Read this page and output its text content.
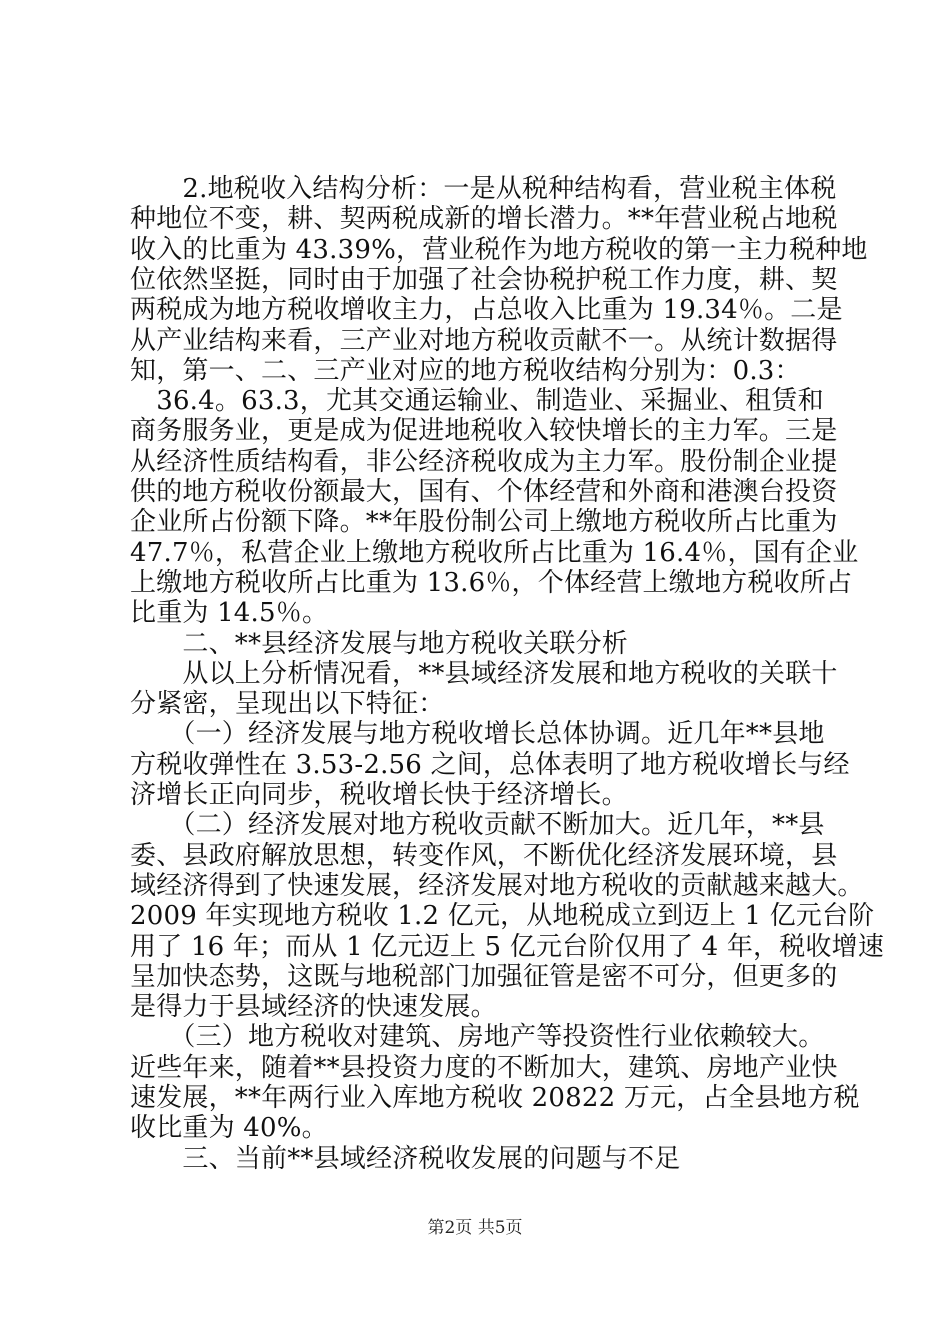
　　2.地税收入结构分析：一是从税种结构看，营业税主体税
种地位不变，耕、契两税成新的增长潜力。**年营业税占地税
收入的比重为 43.39%，营业税作为地方税收的第一主力税种地
位依然坚挺，同时由于加强了社会协税护税工作力度，耕、契
两税成为地方税收增收主力，占总收入比重为 19.34％。二是
从产业结构来看，三产业对地方税收贡献不一。从统计数据得
知，第一、二、三产业对应的地方税收结构分别为：0.3：
　36.4。63.3，尤其交通运输业、制造业、采掘业、租赁和
商务服务业，更是成为促进地税收入较快增长的主力军。三是
从经济性质结构看，非公经济税收成为主力军。股份制企业提
供的地方税收份额最大，国有、个体经营和外商和港澳台投资
企业所占份额下降。**年股份制公司上缴地方税收所占比重为
47.7％，私营企业上缴地方税收所占比重为 16.4％，国有企业
上缴地方税收所占比重为 13.6％，个体经营上缴地方税收所占
比重为 14.5％。
　　二、**县经济发展与地方税收关联分析
　　从以上分析情况看，**县域经济发展和地方税收的关联十
分紧密，呈现出以下特征：
　　（一）经济发展与地方税收增长总体协调。近几年**县地
方税收弹性在 3.53-2.56 之间，总体表明了地方税收增长与经
济增长正向同步，税收增长快于经济增长。
　　（二）经济发展对地方税收贡献不断加大。近几年，**县
委、县政府解放思想，转变作风，不断优化经济发展环境，县
域经济得到了快速发展，经济发展对地方税收的贡献越来越大。
2009 年实现地方税收 1.2 亿元，从地税成立到迈上 1 亿元台阶
用了 16 年；而从 1 亿元迈上 5 亿元台阶仅用了 4 年，税收增速
呈加快态势，这既与地税部门加强征管是密不可分，但更多的
是得力于县域经济的快速发展。
　　（三）地方税收对建筑、房地产等投资性行业依赖较大。
近些年来，随着**县投资力度的不断加大，建筑、房地产业快
速发展，**年两行业入库地方税收 20822 万元，占全县地方税
收比重为 40%。
　　三、当前**县域经济税收发展的问题与不足
第2页 共5页
